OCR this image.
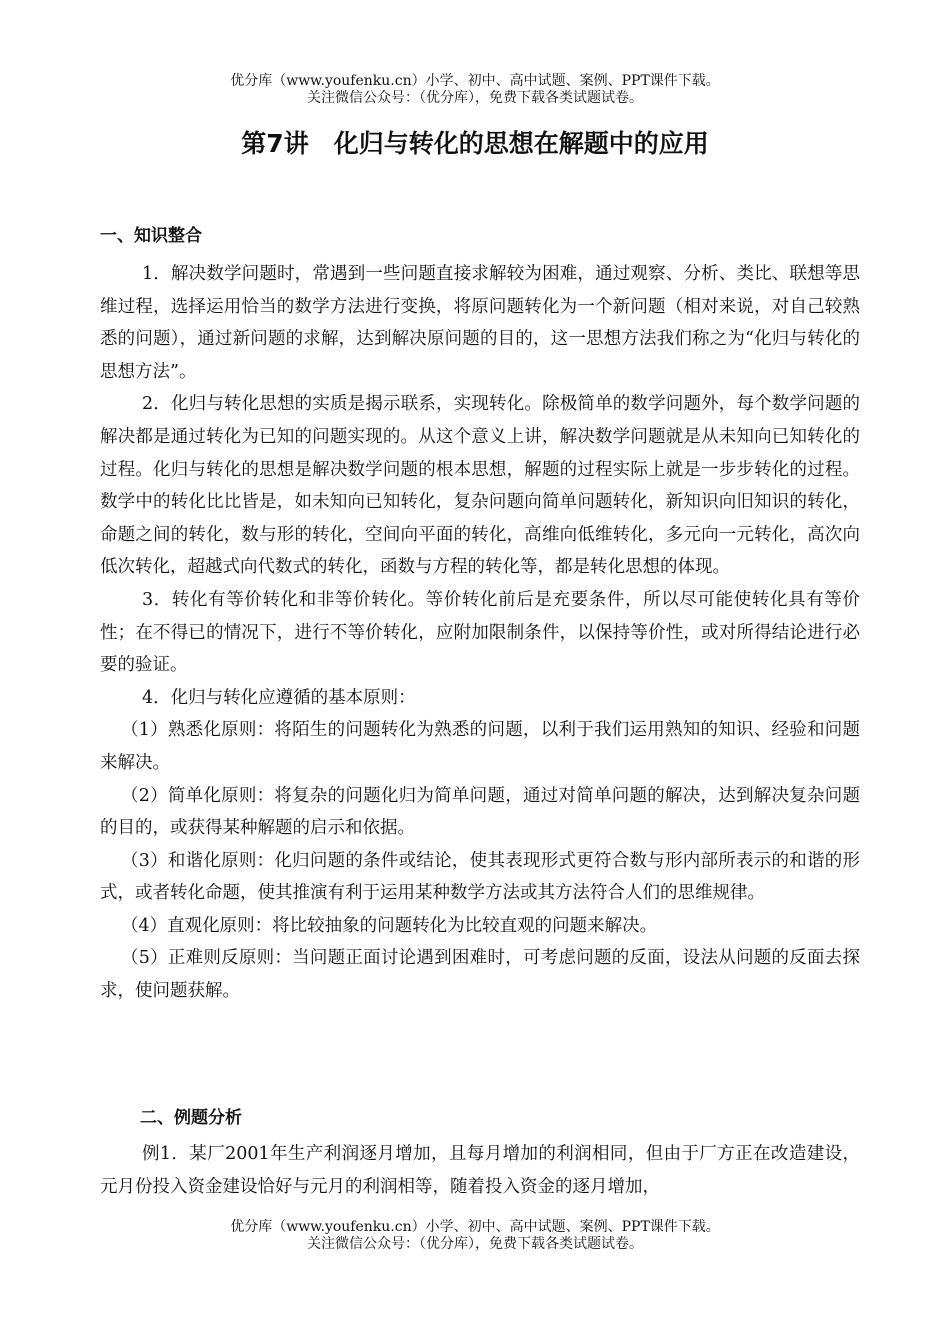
优分库（www.youfenku.cn）小学、初中、高中试题、案例、PPT课件下载。
关注微信公众号：（优分库），免费下载各类试题试卷。
第7讲　化归与转化的思想在解题中的应用
一、知识整合

1．解决数学问题时，常遇到一些问题直接求解较为困难，通过观察、分析、类比、联想等思维过程，选择运用恰当的数学方法进行变换，将原问题转化为一个新问题（相对来说，对自己较熟悉的问题），通过新问题的求解，达到解决原问题的目的，这一思想方法我们称之为“化归与转化的思想方法”。

2．化归与转化思想的实质是揭示联系，实现转化。除极简单的数学问题外，每个数学问题的解决都是通过转化为已知的问题实现的。从这个意义上讲，解决数学问题就是从未知向已知转化的过程。化归与转化的思想是解决数学问题的根本思想，解题的过程实际上就是一步步转化的过程。数学中的转化比比皆是，如未知向已知转化，复杂问题向简单问题转化，新知识向旧知识的转化，命题之间的转化，数与形的转化，空间向平面的转化，高维向低维转化，多元向一元转化，高次向低次转化，超越式向代数式的转化，函数与方程的转化等，都是转化思想的体现。

3．转化有等价转化和非等价转化。等价转化前后是充要条件，所以尽可能使转化具有等价性；在不得已的情况下，进行不等价转化，应附加限制条件，以保持等价性，或对所得结论进行必要的验证。

4．化归与转化应遵循的基本原则：

（1）熟悉化原则：将陌生的问题转化为熟悉的问题，以利于我们运用熟知的知识、经验和问题来解决。

（2）简单化原则：将复杂的问题化归为简单问题，通过对简单问题的解决，达到解决复杂问题的目的，或获得某种解题的启示和依据。

（3）和谐化原则：化归问题的条件或结论，使其表现形式更符合数与形内部所表示的和谐的形式，或者转化命题，使其推演有利于运用某种数学方法或其方法符合人们的思维规律。

（4）直观化原则：将比较抽象的问题转化为比较直观的问题来解决。

（5）正难则反原则：当问题正面讨论遇到困难时，可考虑问题的反面，设法从问题的反面去探求，使问题获解。

二、例题分析

例1．某厂2001年生产利润逐月增加，且每月增加的利润相同，但由于厂方正在改造建设，元月份投入资金建设恰好与元月的利润相等，随着投入资金的逐月增加，

优分库（www.youfenku.cn）小学、初中、高中试题、案例、PPT课件下载。
关注微信公众号：（优分库），免费下载各类试题试卷。
